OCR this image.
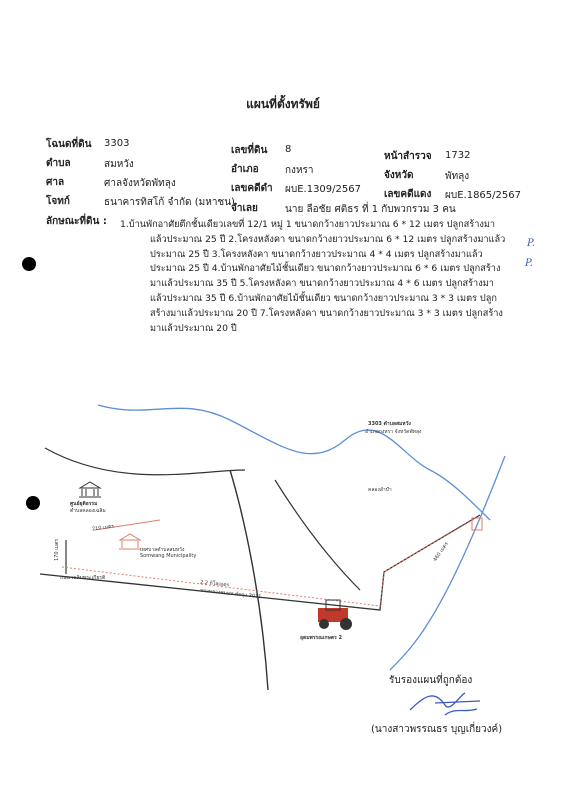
แผนที่ตั้งทรัพย์
โฉนดที่ดิน 3303
เลขที่ดิน 8
หน้าสำรวจ 1732
ตำบล	สมหวัง	อำเภอ	กงหรา	จังหวัด	พัทลุง
ศาล	ศาลจังหวัดพัทลุง	เลขคดีดำ ผบE.1309/2567 เลขคดีแดง ผบE.1865/2567
โจทก์	ธนาคารทิสโก้ จำกัด (มหาชน)
จำเลย	นาย ลือชัย ศติธร ที่ 1 กับพวกรวม 3 คน
ลักษณะที่ดิน : 1.บ้านพักอาศัยตึกชั้นเดียวเลขที่ 12/1 หมู่ 1 ขนาดกว้างยาวประมาณ 6 * 12 เมตร ปลูกสร้างมาแล้วประมาณ 25 ปี 2.โครงหลังคา ขนาดกว้างยาวประมาณ 6 * 12 เมตร ปลูกสร้างมาแล้วประมาณ 25 ปี 3.โครงหลังคา ขนาดกว้างยาวประมาณ 4 * 4 เมตร ปลูกสร้างมาแล้วประมาณ 25 ปี 4.บ้านพักอาศัยไม้ชั้นเดียว ขนาดกว้างยาวประมาณ 6 * 6 เมตร ปลูกสร้างมาแล้วประมาณ 35 ปี 5.โครงหลังคา ขนาดกว้างยาวประมาณ 4 * 6 เมตร ปลูกสร้างมาแล้วประมาณ 35 ปี 6.บ้านพักอาศัยไม้ชั้นเดียว ขนาดกว้างยาวประมาณ 3 * 3 เมตร ปลูกสร้างมาแล้วประมาณ 20 ปี 7.โครงหลังคา ขนาดกว้างยาวประมาณ 3 * 3 เมตร ปลูกสร้างมาแล้วประมาณ 20 ปี
P.
P.
3303 ตำบลสมหวัง
อำเภอกงหรา จังหวัดพัทลุง
คลองลำปำ
ศูนย์ยุติธรรม
ตำบลคลองเฉลิม
210 เมตร
170 เมตร	เทศบาลตำบลสมหวัง
Somwang Municipality
ถนน เฉลิมพระเกียรติ
2.2 กิโลเมตร
ทางหลวงชนบท พัทลุง 3011
460 เมตร
อุดมพรรณเกษตร 2
รับรองแผนที่ถูกต้อง
(นางสาวพรรณธร บุญเกี่ยวงค์)
